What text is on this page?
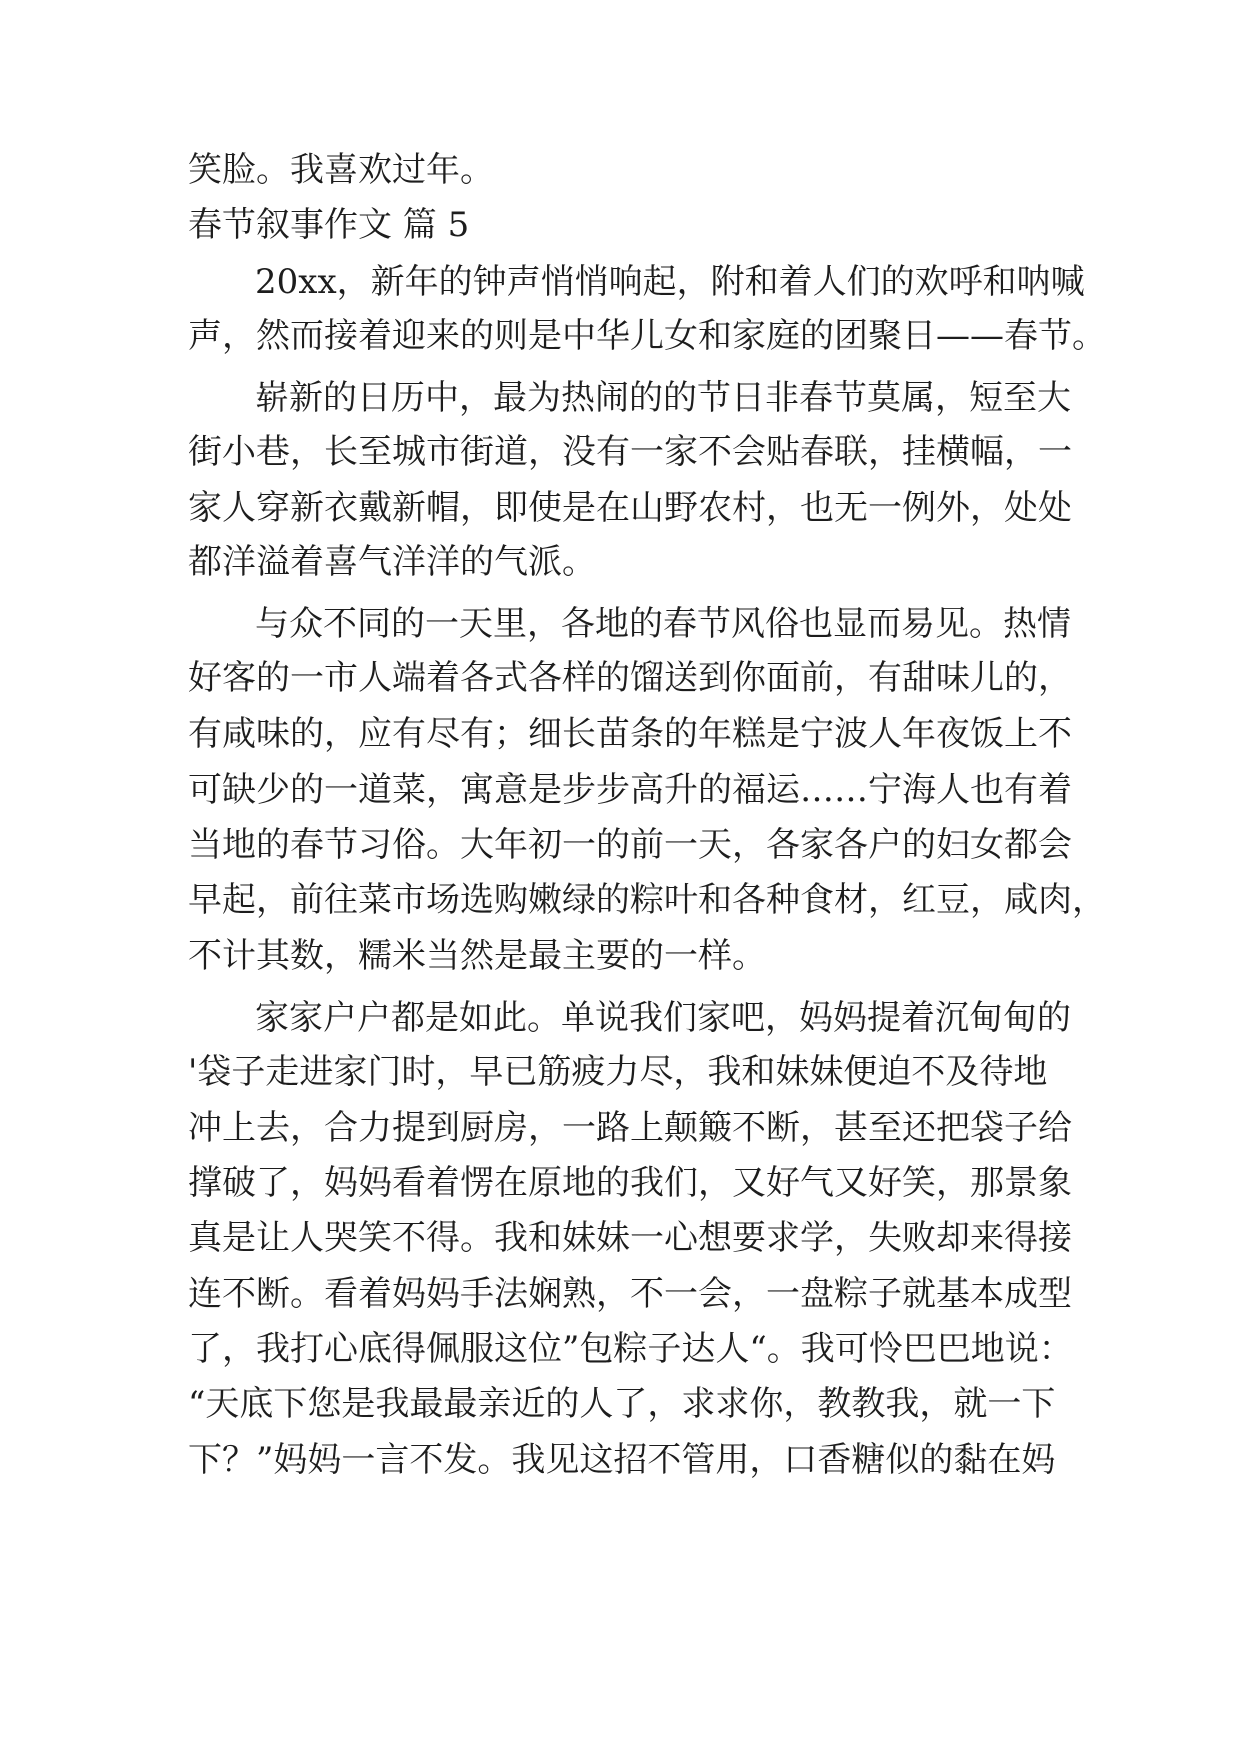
笑脸。我喜欢过年。
春节叙事作文 篇 5
20xx，新年的钟声悄悄响起，附和着人们的欢呼和呐喊
声，然而接着迎来的则是中华儿女和家庭的团聚日——春节。
崭新的日历中，最为热闹的的节日非春节莫属，短至大
街小巷，长至城市街道，没有一家不会贴春联，挂横幅，一
家人穿新衣戴新帽，即使是在山野农村，也无一例外，处处
都洋溢着喜气洋洋的气派。
与众不同的一天里，各地的春节风俗也显而易见。热情
好客的一市人端着各式各样的馏送到你面前，有甜味儿的，
有咸味的，应有尽有；细长苗条的年糕是宁波人年夜饭上不
可缺少的一道菜，寓意是步步高升的福运……宁海人也有着
当地的春节习俗。大年初一的前一天，各家各户的妇女都会
早起，前往菜市场选购嫩绿的粽叶和各种食材，红豆，咸肉，
不计其数，糯米当然是最主要的一样。
家家户户都是如此。单说我们家吧，妈妈提着沉甸甸的
'袋子走进家门时，早已筋疲力尽，我和妹妹便迫不及待地
冲上去，合力提到厨房，一路上颠簸不断，甚至还把袋子给
撑破了，妈妈看着愣在原地的我们，又好气又好笑，那景象
真是让人哭笑不得。我和妹妹一心想要求学，失败却来得接
连不断。看着妈妈手法娴熟，不一会，一盘粽子就基本成型
了，我打心底得佩服这位”包粽子达人“。我可怜巴巴地说：
“天底下您是我最最亲近的人了，求求你，教教我，就一下
下？”妈妈一言不发。我见这招不管用，口香糖似的黏在妈
